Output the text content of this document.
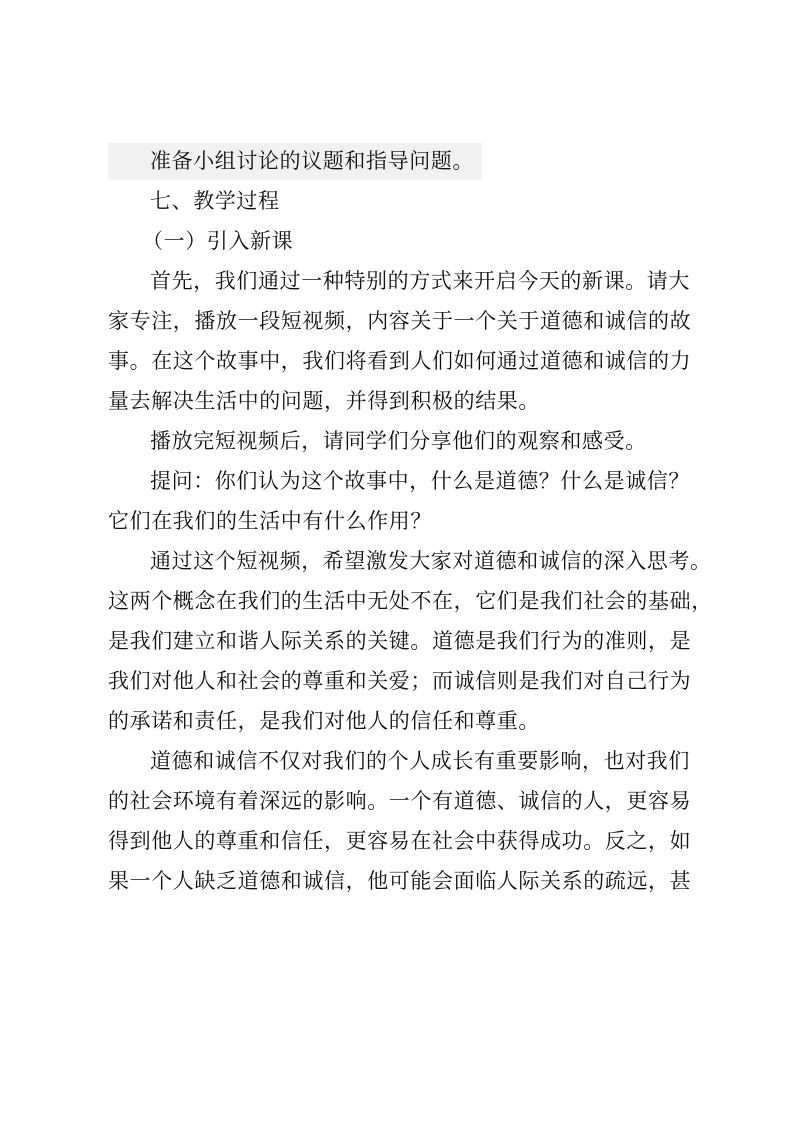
准备小组讨论的议题和指导问题。
七、教学过程
（一）引入新课
首先，我们通过一种特别的方式来开启今天的新课。请大
家专注，播放一段短视频，内容关于一个关于道德和诚信的故
事。在这个故事中，我们将看到人们如何通过道德和诚信的力
量去解决生活中的问题，并得到积极的结果。
播放完短视频后，请同学们分享他们的观察和感受。
提问：你们认为这个故事中，什么是道德？什么是诚信？
它们在我们的生活中有什么作用？
通过这个短视频，希望激发大家对道德和诚信的深入思考。
这两个概念在我们的生活中无处不在，它们是我们社会的基础，
是我们建立和谐人际关系的关键。道德是我们行为的准则，是
我们对他人和社会的尊重和关爱；而诚信则是我们对自己行为
的承诺和责任，是我们对他人的信任和尊重。
道德和诚信不仅对我们的个人成长有重要影响，也对我们
的社会环境有着深远的影响。一个有道德、诚信的人，更容易
得到他人的尊重和信任，更容易在社会中获得成功。反之，如
果一个人缺乏道德和诚信，他可能会面临人际关系的疏远，甚
